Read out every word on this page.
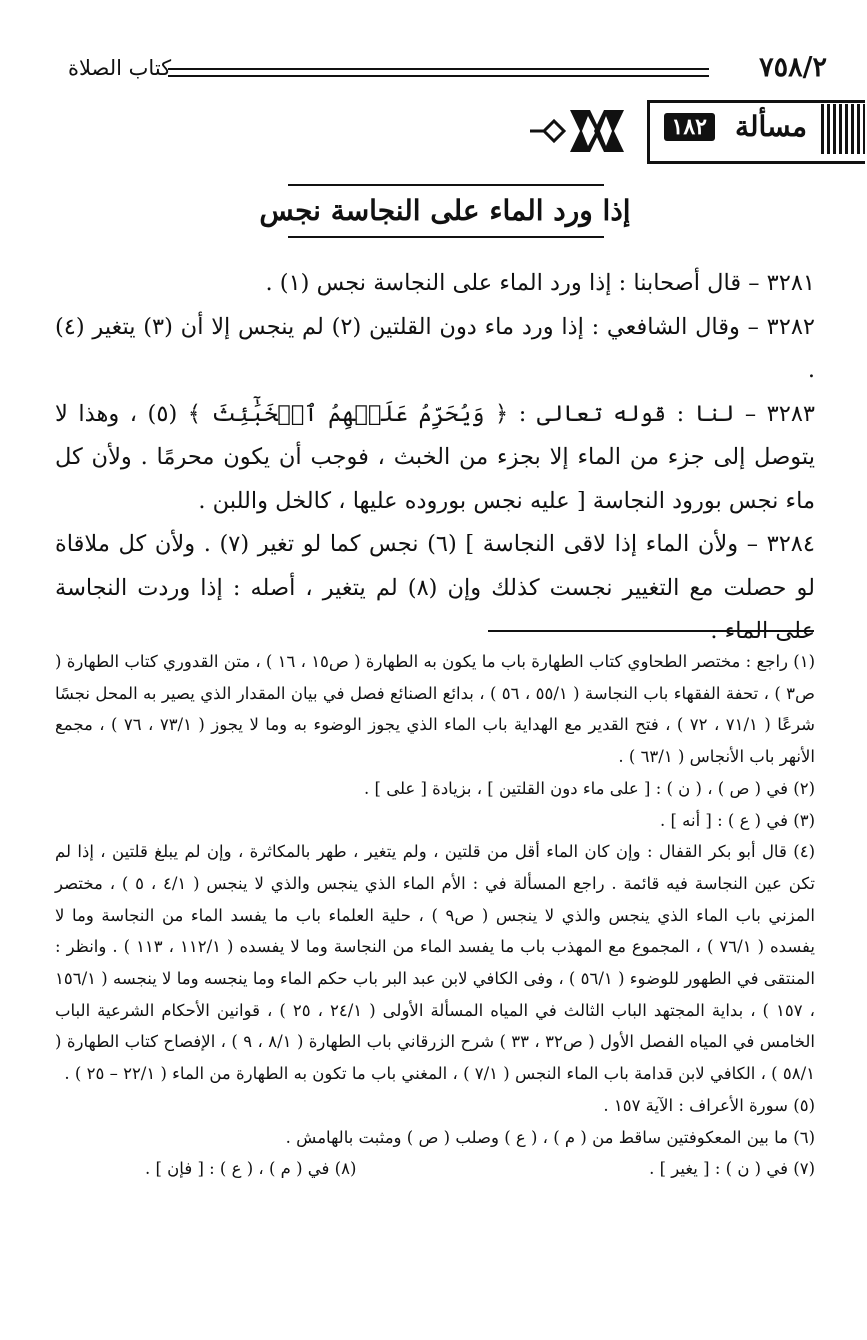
٧٥٨/٢
كتاب الصلاة
مسألة
١٨٢
إذا ورد الماء على النجاسة نجس

٣٢٨١ – قال أصحابنا : إذا ورد الماء على النجاسة نجس (١) .

٣٢٨٢ – وقال الشافعي : إذا ورد ماء دون القلتين (٢) لم ينجس إلا أن (٣) يتغير (٤) .

٣٢٨٣ – لنا : قوله تعالى : ﴿ وَيُحَرِّمُ عَلَيۡهِمُ ٱلۡخَبَٰٓئِثَ ﴾ (٥) ، وهذا لا يتوصل إلى جزء من الماء إلا بجزء من الخبث ، فوجب أن يكون محرمًا . ولأن كل ماء نجس بورود النجاسة [ عليه نجس بوروده عليها ، كالخل واللبن .

٣٢٨٤ – ولأن الماء إذا لاقى النجاسة ] (٦) نجس كما لو تغير (٧) . ولأن كل ملاقاة لو حصلت مع التغيير نجست كذلك وإن (٨) لم يتغير ، أصله : إذا وردت النجاسة على الماء .

(١) راجع : مختصر الطحاوي كتاب الطهارة باب ما يكون به الطهارة ( ص١٥ ، ١٦ ) ، متن القدوري كتاب الطهارة ( ص٣ ) ، تحفة الفقهاء باب النجاسة ( ٥٥/١ ، ٥٦ ) ، بدائع الصنائع فصل في بيان المقدار الذي يصير به المحل نجسًا شرعًا ( ٧١/١ ، ٧٢ ) ، فتح القدير مع الهداية باب الماء الذي يجوز الوضوء به وما لا يجوز ( ٧٣/١ ، ٧٦ ) ، مجمع الأنهر باب الأنجاس ( ٦٣/١ ) .

(٢) في ( ص ) ، ( ن ) : [ على ماء دون القلتين ] ، بزيادة [ على ] .

(٣) في ( ع ) : [ أنه ] .

(٤) قال أبو بكر القفال : وإن كان الماء أقل من قلتين ، ولم يتغير ، طهر بالمكاثرة ، وإن لم يبلغ قلتين ، إذا لم تكن عين النجاسة فيه قائمة . راجع المسألة في : الأم الماء الذي ينجس والذي لا ينجس ( ٤/١ ، ٥ ) ، مختصر المزني باب الماء الذي ينجس والذي لا ينجس ( ص٩ ) ، حلية العلماء باب ما يفسد الماء من النجاسة وما لا يفسده ( ٧٦/١ ) ، المجموع مع المهذب باب ما يفسد الماء من النجاسة وما لا يفسده ( ١١٢/١ ، ١١٣ ) . وانظر : المنتقى في الطهور للوضوء ( ٥٦/١ ) ، وفى الكافي لابن عبد البر باب حكم الماء وما ينجسه وما لا ينجسه ( ١٥٦/١ ، ١٥٧ ) ، بداية المجتهد الباب الثالث في المياه المسألة الأولى ( ٢٤/١ ، ٢٥ ) ، قوانين الأحكام الشرعية الباب الخامس في المياه الفصل الأول ( ص٣٢ ، ٣٣ ) شرح الزرقاني باب الطهارة ( ٨/١ ، ٩ ) ، الإفصاح كتاب الطهارة ( ٥٨/١ ) ، الكافي لابن قدامة باب الماء النجس ( ٧/١ ) ، المغني باب ما تكون به الطهارة من الماء ( ٢٢/١ – ٢٥ ) .

(٥) سورة الأعراف : الآية ١٥٧ .

(٦) ما بين المعكوفتين ساقط من ( م ) ، ( ع ) وصلب ( ص ) ومثبت بالهامش .

(٧) في ( ن ) : [ يغير ] .
(٨) في ( م ) ، ( ع ) : [ فإن ] .
